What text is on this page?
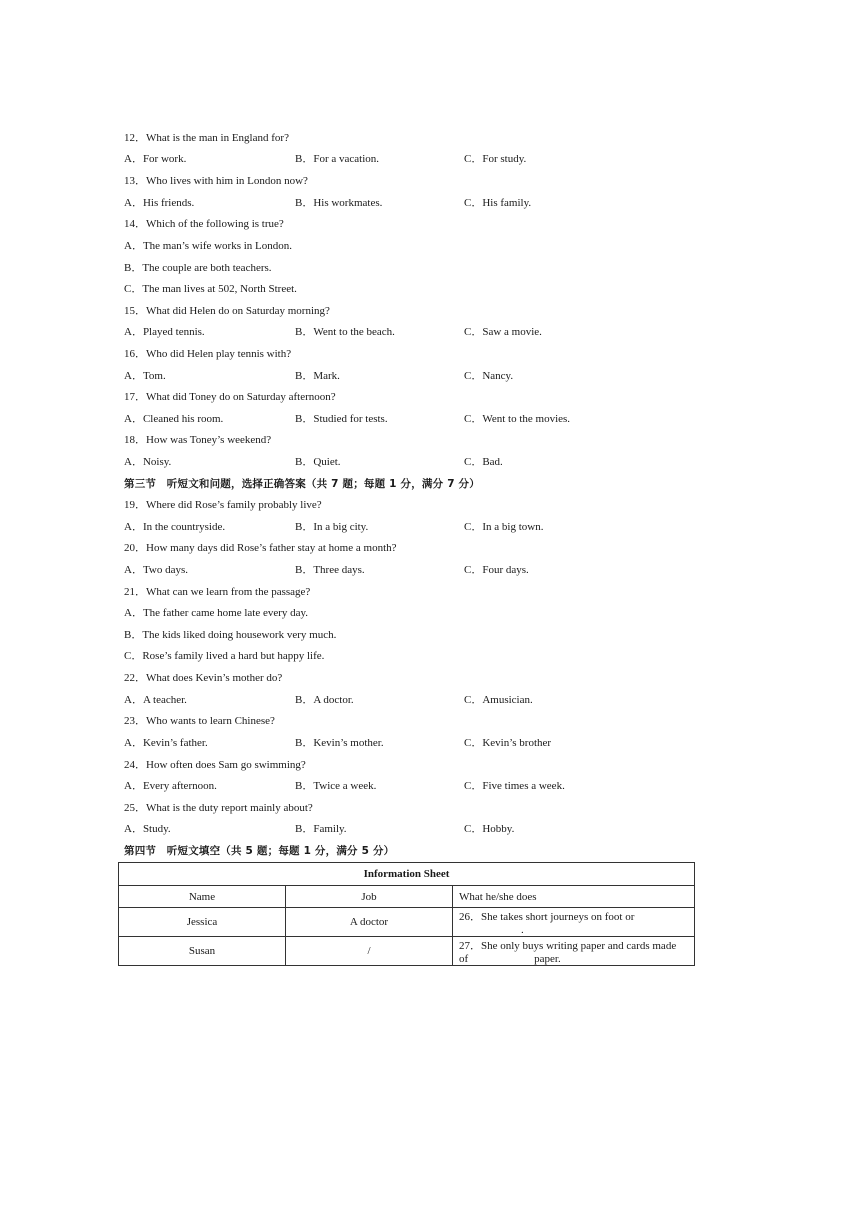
12．What is the man in England for?
A．For work.	B．For a vacation.	C．For study.
13．Who lives with him in London now?
A．His friends.	B．His workmates.	C．His family.
14．Which of the following is true?
A．The man’s wife works in London.
B．The couple are both teachers.
C．The man lives at 502, North Street.
15．What did Helen do on Saturday morning?
A．Played tennis.	B．Went to the beach.	C．Saw a movie.
16．Who did Helen play tennis with?
A．Tom.	B．Mark.	C．Nancy.
17．What did Toney do on Saturday afternoon?
A．Cleaned his room.	B．Studied for tests.	C．Went to the movies.
18．How was Toney’s weekend?
A．Noisy.	B．Quiet.	C．Bad.
第三节　听短文和问题，选择正确答案（共 7 题；每题 1 分，满分 7 分）
19．Where did Rose’s family probably live?
A．In the countryside.	B．In a big city.	C．In a big town.
20．How many days did Rose’s father stay at home a month?
A．Two days.	B．Three days.	C．Four days.
21．What can we learn from the passage?
A．The father came home late every day.
B．The kids liked doing housework very much.
C．Rose’s family lived a hard but happy life.
22．What does Kevin’s mother do?
A．A teacher.	B．A doctor.	C．Amusician.
23．Who wants to learn Chinese?
A．Kevin’s father.	B．Kevin’s mother.	C．Kevin’s brother
24．How often does Sam go swimming?
A．Every afternoon.	B．Twice a week.	C．Five times a week.
25．What is the duty report mainly about?
A．Study.	B．Family.	C．Hobby.
第四节　听短文填空（共 5 题；每题 1 分，满分 5 分）
Information Sheet		
Name	Job	What he/she does
Jessica	A doctor	26．She takes short journeys on foot or.
Susan	/	27．She only buys writing paper and cards made of paper.
